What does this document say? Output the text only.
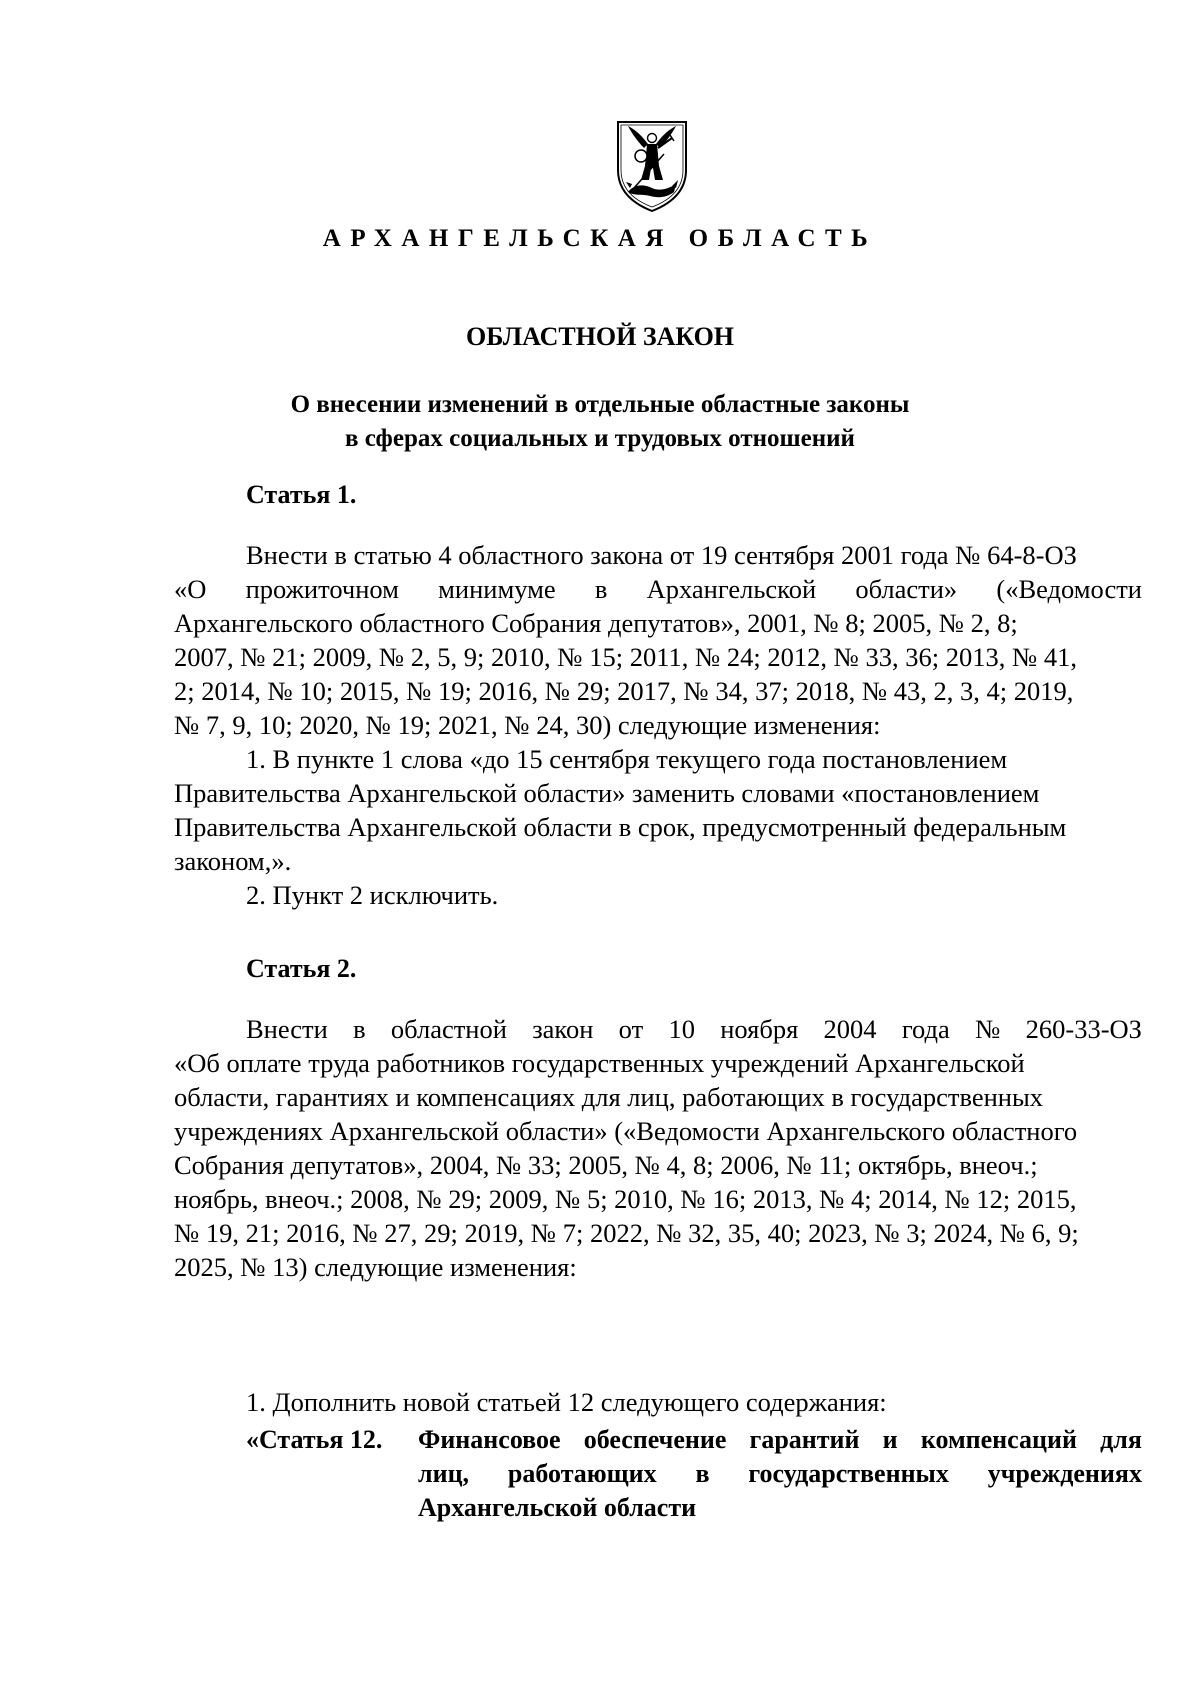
АРХАНГЕЛЬСКАЯ ОБЛАСТЬ
ОБЛАСТНОЙ ЗАКОН
О внесении изменений в отдельные областные законы
в сферах социальных и трудовых отношений
Статья 1.
Внести в статью 4 областного закона от 19 сентября 2001 года № 64-8-ОЗ
«О прожиточном минимуме в Архангельской области» («Ведомости
Архангельского областного Собрания депутатов», 2001, № 8; 2005, № 2, 8;
2007, № 21; 2009, № 2, 5, 9; 2010, № 15; 2011, № 24; 2012, № 33, 36; 2013, № 41,
2; 2014, № 10; 2015, № 19; 2016, № 29; 2017, № 34, 37; 2018, № 43, 2, 3, 4; 2019,
№ 7, 9, 10; 2020, № 19; 2021, № 24, 30) следующие изменения:
1. В пункте 1 слова «до 15 сентября текущего года постановлением
Правительства Архангельской области» заменить словами «постановлением
Правительства Архангельской области в срок, предусмотренный федеральным
законом,».
2. Пункт 2 исключить.
Статья 2.
Внести в областной закон от 10 ноября 2004 года № 260-33-ОЗ
«Об оплате труда работников государственных учреждений Архангельской
области, гарантиях и компенсациях для лиц, работающих в государственных
учреждениях Архангельской области» («Ведомости Архангельского областного
Собрания депутатов», 2004, № 33; 2005, № 4, 8; 2006, № 11; октябрь, внеоч.;
ноябрь, внеоч.; 2008, № 29; 2009, № 5; 2010, № 16; 2013, № 4; 2014, № 12; 2015,
№ 19, 21; 2016, № 27, 29; 2019, № 7; 2022, № 32, 35, 40; 2023, № 3; 2024, № 6, 9;
2025, № 13) следующие изменения:
1. Дополнить новой статьей 12 следующего содержания:
«Статья 12. Финансовое обеспечение гарантий и компенсаций для
лиц, работающих в государственных учреждениях
Архангельской области
